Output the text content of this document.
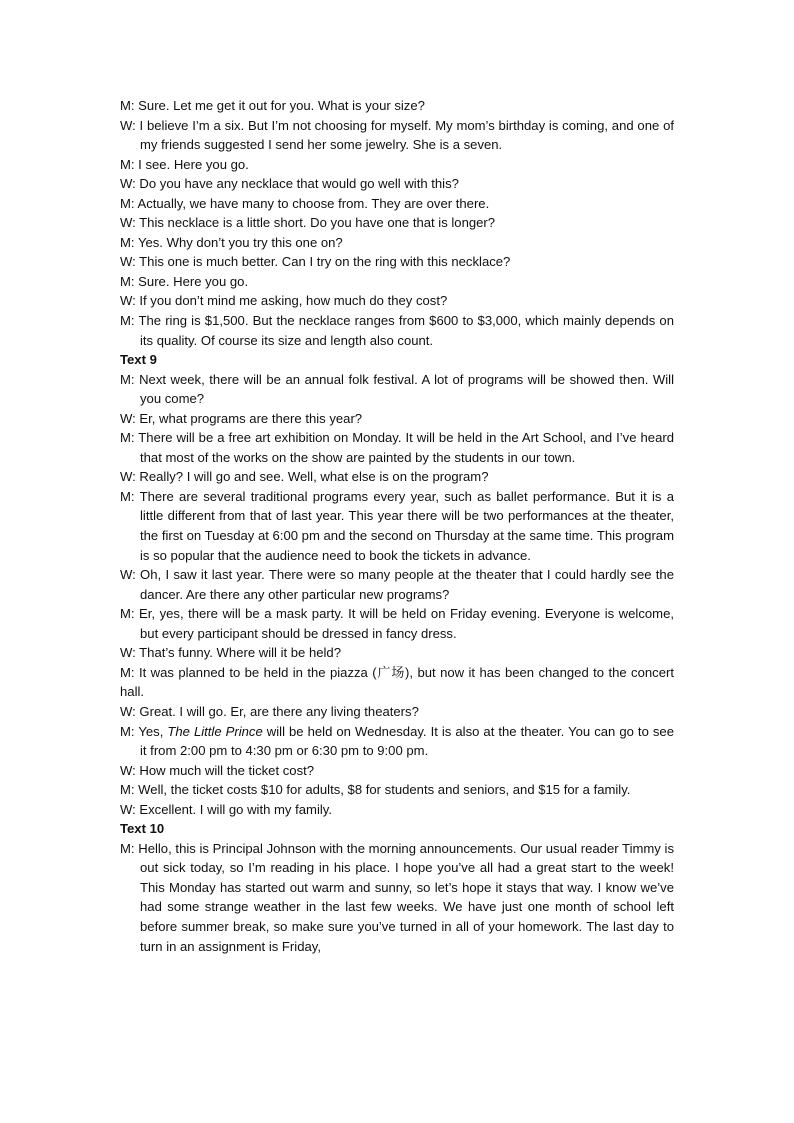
M: Sure. Let me get it out for you. What is your size?

W: I believe I’m a six. But I’m not choosing for myself. My mom’s birthday is coming, and one of my friends suggested I send her some jewelry. She is a seven.

M: I see. Here you go.

W: Do you have any necklace that would go well with this?

M: Actually, we have many to choose from. They are over there.

W: This necklace is a little short. Do you have one that is longer?

M: Yes. Why don’t you try this one on?

W: This one is much better. Can I try on the ring with this necklace?

M: Sure. Here you go.

W: If you don’t mind me asking, how much do they cost?

M: The ring is $1,500. But the necklace ranges from $600 to $3,000, which mainly depends on its quality. Of course its size and length also count.

Text 9

M: Next week, there will be an annual folk festival. A lot of programs will be showed then. Will you come?

W: Er, what programs are there this year?

M: There will be a free art exhibition on Monday. It will be held in the Art School, and I’ve heard that most of the works on the show are painted by the students in our town.

W: Really? I will go and see. Well, what else is on the program?

M: There are several traditional programs every year, such as ballet performance. But it is a little different from that of last year. This year there will be two performances at the theater, the first on Tuesday at 6:00 pm and the second on Thursday at the same time. This program is so popular that the audience need to book the tickets in advance.

W: Oh, I saw it last year. There were so many people at the theater that I could hardly see the dancer. Are there any other particular new programs?

M: Er, yes, there will be a mask party. It will be held on Friday evening. Everyone is welcome, but every participant should be dressed in fancy dress.

W: That’s funny. Where will it be held?

M: It was planned to be held in the piazza (广场), but now it has been changed to the concert hall.

W: Great. I will go. Er, are there any living theaters?

M: Yes, The Little Prince will be held on Wednesday. It is also at the theater. You can go to see it from 2:00 pm to 4:30 pm or 6:30 pm to 9:00 pm.

W: How much will the ticket cost?

M: Well, the ticket costs $10 for adults, $8 for students and seniors, and $15 for a family.

W: Excellent. I will go with my family.

Text 10

M: Hello, this is Principal Johnson with the morning announcements. Our usual reader Timmy is out sick today, so I’m reading in his place. I hope you’ve all had a great start to the week! This Monday has started out warm and sunny, so let’s hope it stays that way. I know we’ve had some strange weather in the last few weeks. We have just one month of school left before summer break, so make sure you’ve turned in all of your homework. The last day to turn in an assignment is Friday,
